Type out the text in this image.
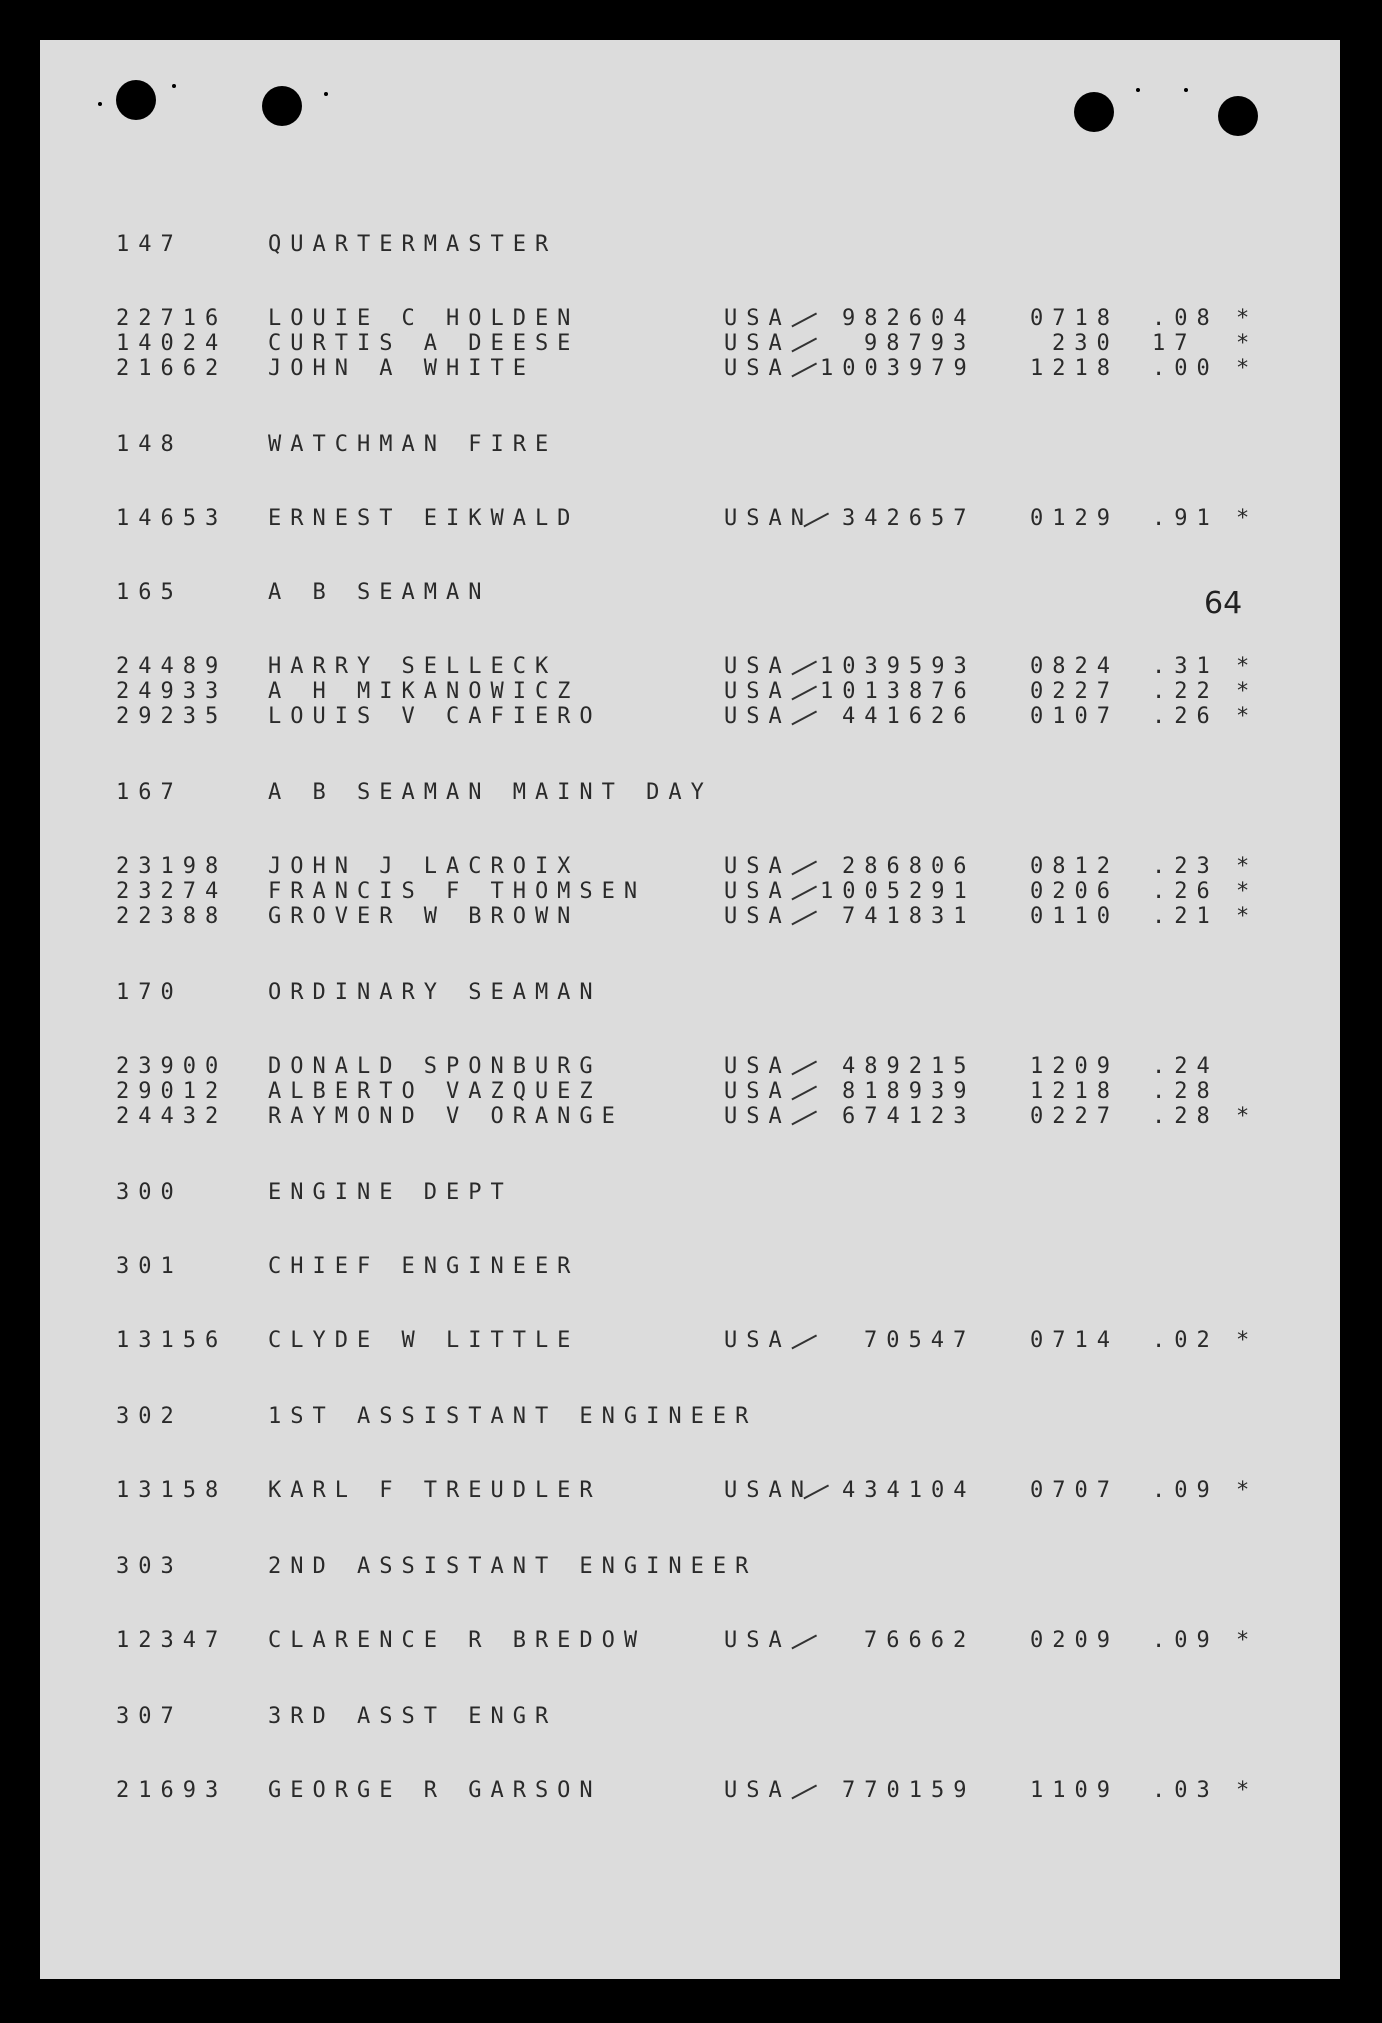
64
147	QUARTERMASTER
22716 LOUIE C HOLDEN	USA 982604 0718 .08 *
14024 CURTIS A DEESE	USA	98793	230 17 *
21662 JOHN A WHITE	USA 1003979 1218 .00 *
148	WATCHMAN FIRE
14653 ERNEST EIKWALD	USAN 342657 0129 .91 *
165	A B SEAMAN
24489 HARRY SELLECK	USA 1039593 0824 .31 *
24933 A H MIKANOWICZ	USA 1013876 0227 .22 *
29235 LOUIS V CAFIERO	USA 441626 0107 .26 *
167	A B SEAMAN MAINT DAY
23198 JOHN J LACROIX	USA 286806 0812 .23 *
23274 FRANCIS F THOMSEN	USA 1005291 0206 .26 *
22388 GROVER W BROWN	USA 741831 0110 .21 *
170	ORDINARY SEAMAN
23900 DONALD SPONBURG	USA 489215 1209 .24
29012 ALBERTO VAZQUEZ	USA 818939 1218 .28
24432 RAYMOND V ORANGE	USA 674123 0227 .28 *
300	ENGINE DEPT
301	CHIEF ENGINEER
13156 CLYDE W LITTLE	USA	70547 0714 .02 *
302	1ST ASSISTANT ENGINEER
13158 KARL F TREUDLER	USAN 434104 0707 .09 *
303	2ND ASSISTANT ENGINEER
12347 CLARENCE R BREDOW	USA	76662 0209 .09 *
307	3RD ASST ENGR
21693 GEORGE R GARSON	USA 770159 1109 .03 *
